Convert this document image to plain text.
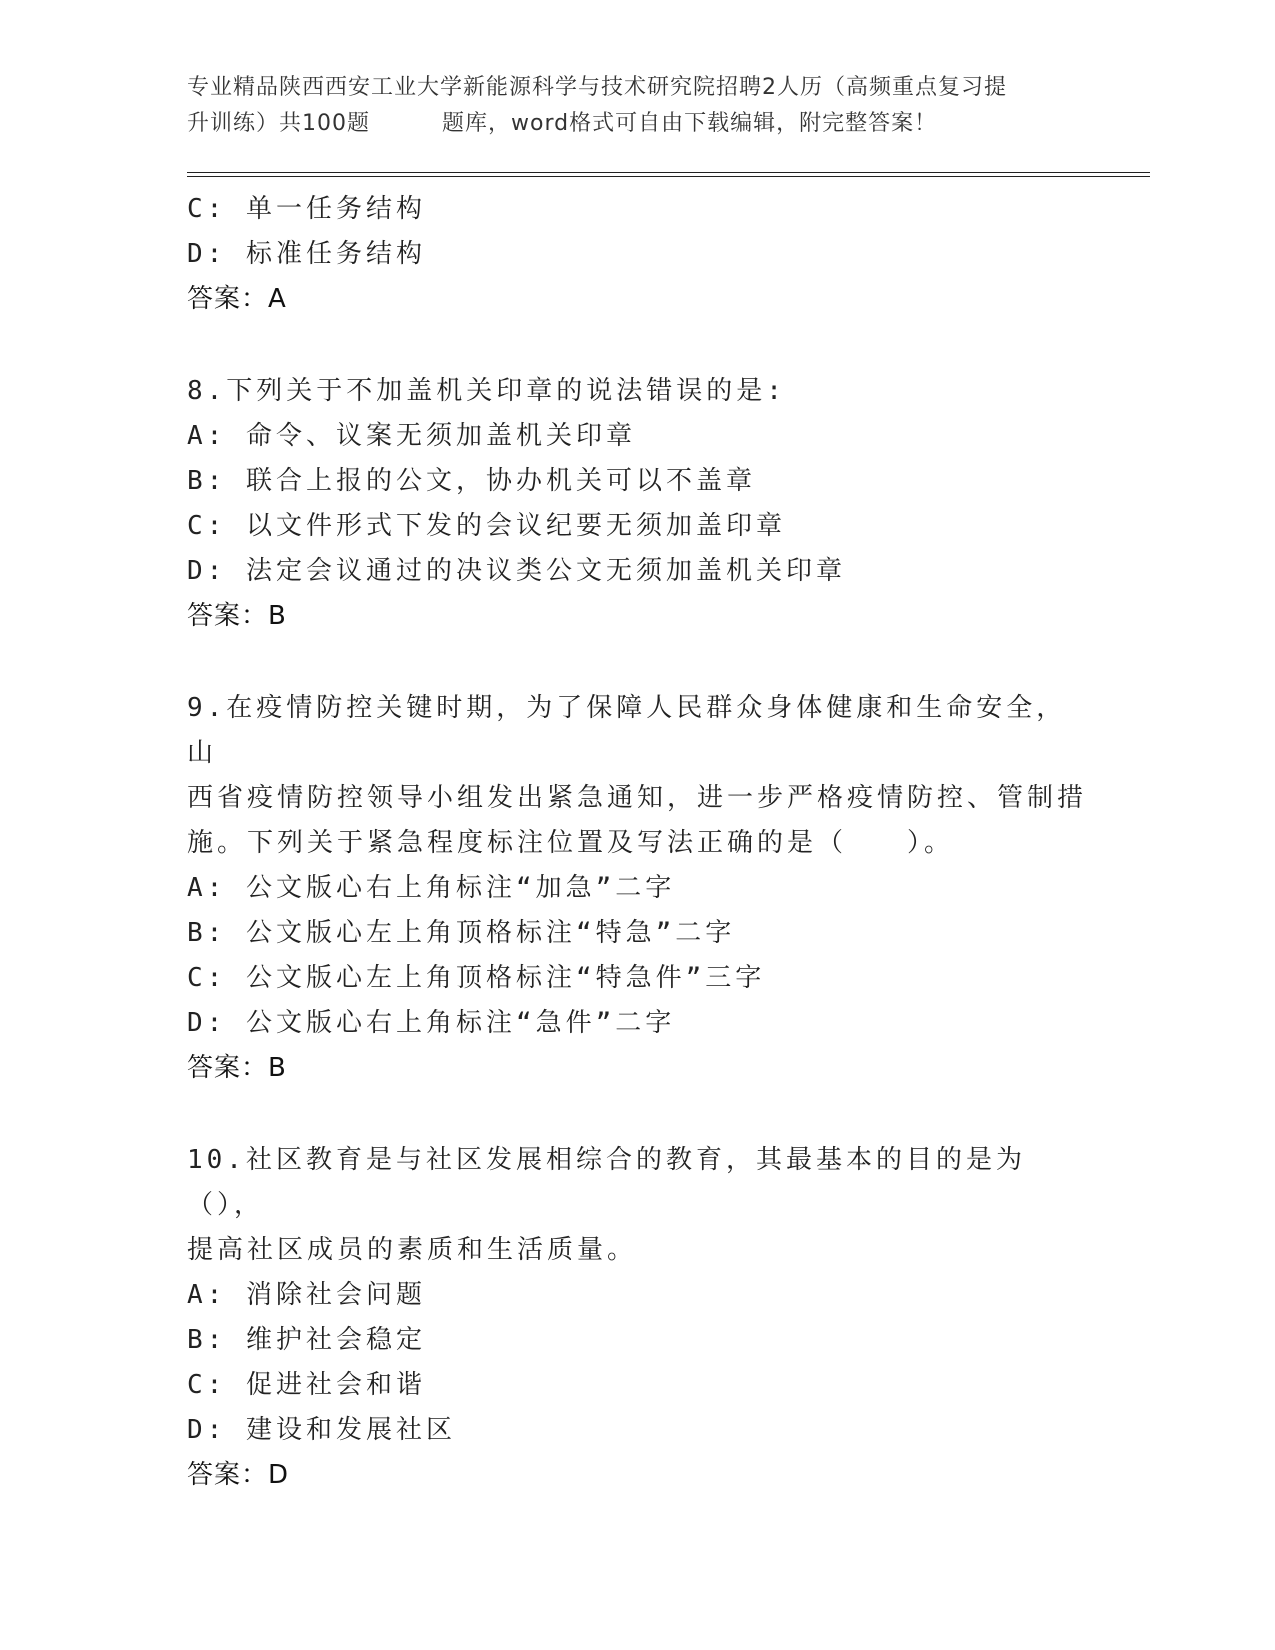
专业精品陕西西安工业大学新能源科学与技术研究院招聘2人历（高频重点复习提
升训练）共100题	题库，word格式可自由下载编辑，附完整答案！
C: 单一任务结构
D: 标准任务结构
答案：A
8.下列关于不加盖机关印章的说法错误的是:
A: 命令、议案无须加盖机关印章
B: 联合上报的公文，协办机关可以不盖章
C: 以文件形式下发的会议纪要无须加盖印章
D: 法定会议通过的决议类公文无须加盖机关印章
答案：B
9.在疫情防控关键时期，为了保障人民群众身体健康和生命安全，山
西省疫情防控领导小组发出紧急通知，进一步严格疫情防控、管制措
施。下列关于紧急程度标注位置及写法正确的是（　　）。
A: 公文版心右上角标注“加急”二字
B: 公文版心左上角顶格标注“特急”二字
C: 公文版心左上角顶格标注“特急件”三字
D: 公文版心右上角标注“急件”二字
答案：B
10.社区教育是与社区发展相综合的教育，其最基本的目的是为（），
提高社区成员的素质和生活质量。
A: 消除社会问题
B: 维护社会稳定
C: 促进社会和谐
D: 建设和发展社区
答案：D
